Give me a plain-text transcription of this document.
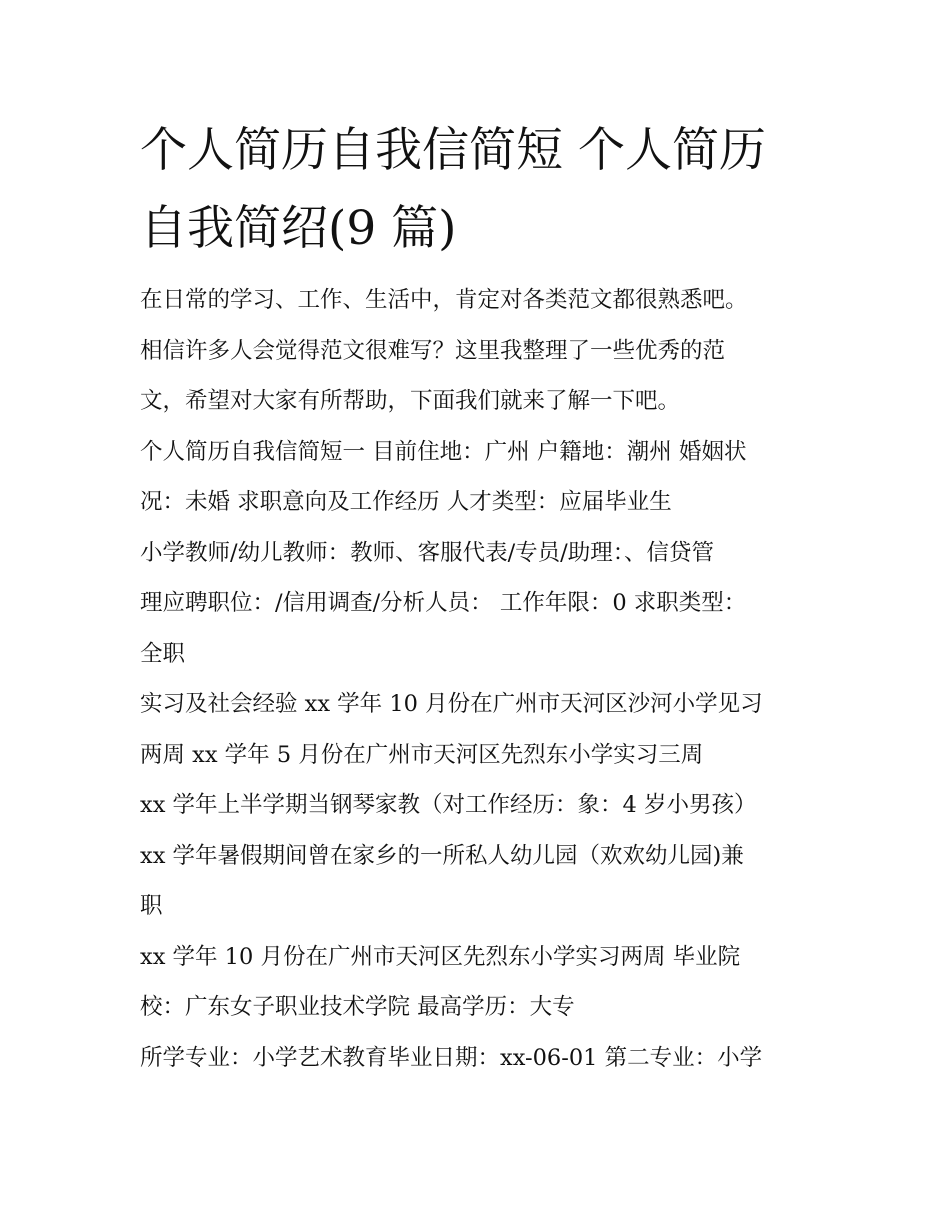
个人简历自我信简短 个人简历
自我简绍(9 篇)
在日常的学习、工作、生活中，肯定对各类范文都很熟悉吧。
相信许多人会觉得范文很难写？这里我整理了一些优秀的范
文，希望对大家有所帮助，下面我们就来了解一下吧。
个人简历自我信简短一 目前住地：广州 户籍地：潮州 婚姻状
况：未婚 求职意向及工作经历 人才类型：应届毕业生
小学教师/幼儿教师：教师、客服代表/专员/助理：、信贷管
理应聘职位：/信用调查/分析人员： 工作年限：0 求职类型：
全职
实习及社会经验 xx 学年 10 月份在广州市天河区沙河小学见习
两周 xx 学年 5 月份在广州市天河区先烈东小学实习三周
xx 学年上半学期当钢琴家教（对工作经历：象：4 岁小男孩）
xx 学年暑假期间曾在家乡的一所私人幼儿园（欢欢幼儿园)兼
职
xx 学年 10 月份在广州市天河区先烈东小学实习两周 毕业院
校：广东女子职业技术学院 最高学历：大专
所学专业：小学艺术教育毕业日期：xx-06-01 第二专业：小学
